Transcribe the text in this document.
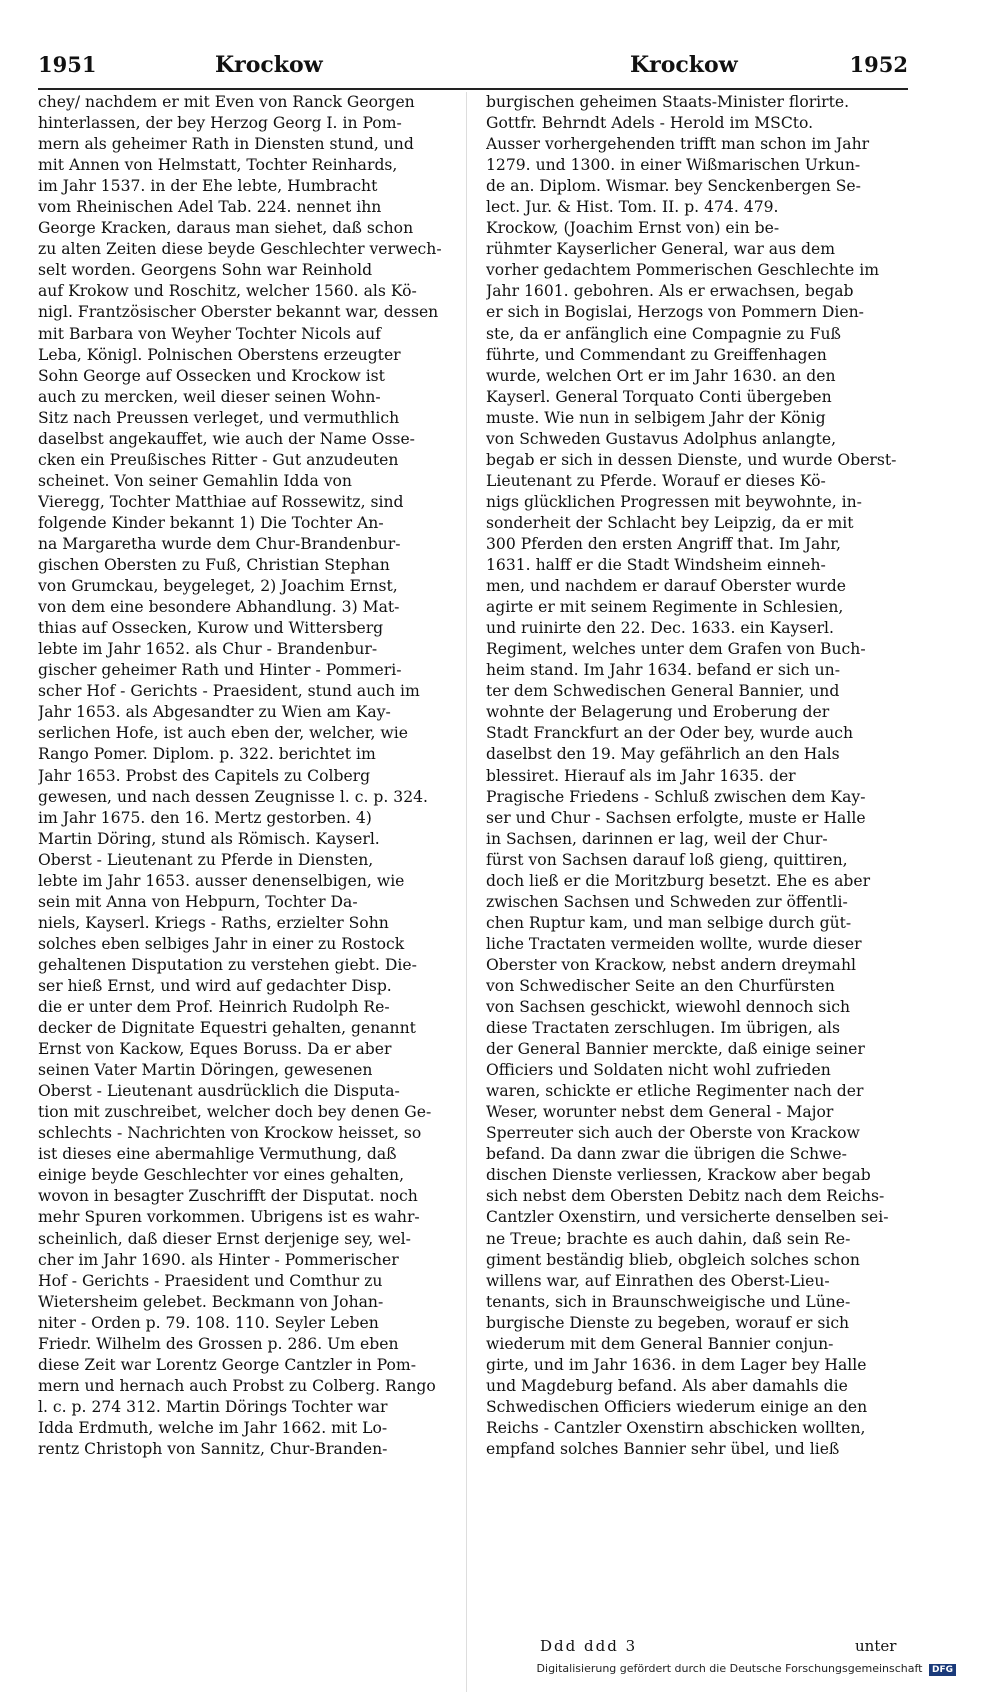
1951	Krockow	Krockow	1952
chey/ nachdem er mit Even von Ranck Georgen
hinterlassen, der bey Herzog Georg I. in Pom-
mern als geheimer Rath in Diensten stund, und
mit Annen von Helmstatt, Tochter Reinhards,
im Jahr 1537. in der Ehe lebte, Humbracht
vom Rheinischen Adel Tab. 224. nennet ihn
George Kracken, daraus man siehet, daß schon
zu alten Zeiten diese beyde Geschlechter verwech-
selt worden. Georgens Sohn war Reinhold
auf Krokow und Roschitz, welcher 1560. als Kö-
nigl. Frantzösischer Oberster bekannt war, dessen
mit Barbara von Weyher Tochter Nicols auf
Leba, Königl. Polnischen Oberstens erzeugter
Sohn George auf Ossecken und Krockow ist
auch zu mercken, weil dieser seinen Wohn-
Sitz nach Preussen verleget, und vermuthlich
daselbst angekauffet, wie auch der Name Osse-
cken ein Preußisches Ritter - Gut anzudeuten
scheinet. Von seiner Gemahlin Idda von
Vieregg, Tochter Matthiae auf Rossewitz, sind
folgende Kinder bekannt 1) Die Tochter An-
na Margaretha wurde dem Chur-Brandenbur-
gischen Obersten zu Fuß, Christian Stephan
von Grumckau, beygeleget, 2) Joachim Ernst,
von dem eine besondere Abhandlung. 3) Mat-
thias auf Ossecken, Kurow und Wittersberg
lebte im Jahr 1652. als Chur - Brandenbur-
gischer geheimer Rath und Hinter - Pommeri-
scher Hof - Gerichts - Praesident, stund auch im
Jahr 1653. als Abgesandter zu Wien am Kay-
serlichen Hofe, ist auch eben der, welcher, wie
Rango Pomer. Diplom. p. 322. berichtet im
Jahr 1653. Probst des Capitels zu Colberg
gewesen, und nach dessen Zeugnisse l. c. p. 324.
im Jahr 1675. den 16. Mertz gestorben. 4)
Martin Döring, stund als Römisch. Kayserl.
Oberst - Lieutenant zu Pferde in Diensten,
lebte im Jahr 1653. ausser denenselbigen, wie
sein mit Anna von Hebpurn, Tochter Da-
niels, Kayserl. Kriegs - Raths, erzielter Sohn
solches eben selbiges Jahr in einer zu Rostock
gehaltenen Disputation zu verstehen giebt. Die-
ser hieß Ernst, und wird auf gedachter Disp.
die er unter dem Prof. Heinrich Rudolph Re-
decker de Dignitate Equestri gehalten, genannt
Ernst von Kackow, Eques Boruss. Da er aber
seinen Vater Martin Döringen, gewesenen
Oberst - Lieutenant ausdrücklich die Disputa-
tion mit zuschreibet, welcher doch bey denen Ge-
schlechts - Nachrichten von Krockow heisset, so
ist dieses eine abermahlige Vermuthung, daß
einige beyde Geschlechter vor eines gehalten,
wovon in besagter Zuschrifft der Disputat. noch
mehr Spuren vorkommen. Ubrigens ist es wahr-
scheinlich, daß dieser Ernst derjenige sey, wel-
cher im Jahr 1690. als Hinter - Pommerischer
Hof - Gerichts - Praesident und Comthur zu
Wietersheim gelebet. Beckmann von Johan-
niter - Orden p. 79. 108. 110. Seyler Leben
Friedr. Wilhelm des Grossen p. 286. Um eben
diese Zeit war Lorentz George Cantzler in Pom-
mern und hernach auch Probst zu Colberg. Rango
l. c. p. 274 312. Martin Dörings Tochter war
Idda Erdmuth, welche im Jahr 1662. mit Lo-
rentz Christoph von Sannitz, Chur-Branden-
burgischen geheimen Staats-Minister florirte.
Gottfr. Behrndt Adels - Herold im MSCto.
Ausser vorhergehenden trifft man schon im Jahr
1279. und 1300. in einer Wißmarischen Urkun-
de an. Diplom. Wismar. bey Senckenbergen Se-
lect. Jur. & Hist. Tom. II. p. 474. 479.
Krockow, (Joachim Ernst von) ein be-
rühmter Kayserlicher General, war aus dem
vorher gedachtem Pommerischen Geschlechte im
Jahr 1601. gebohren. Als er erwachsen, begab
er sich in Bogislai, Herzogs von Pommern Dien-
ste, da er anfänglich eine Compagnie zu Fuß
führte, und Commendant zu Greiffenhagen
wurde, welchen Ort er im Jahr 1630. an den
Kayserl. General Torquato Conti übergeben
muste. Wie nun in selbigem Jahr der König
von Schweden Gustavus Adolphus anlangte,
begab er sich in dessen Dienste, und wurde Oberst-
Lieutenant zu Pferde. Worauf er dieses Kö-
nigs glücklichen Progressen mit beywohnte, in-
sonderheit der Schlacht bey Leipzig, da er mit
300 Pferden den ersten Angriff that. Im Jahr,
1631. halff er die Stadt Windsheim einneh-
men, und nachdem er darauf Oberster wurde
agirte er mit seinem Regimente in Schlesien,
und ruinirte den 22. Dec. 1633. ein Kayserl.
Regiment, welches unter dem Grafen von Buch-
heim stand. Im Jahr 1634. befand er sich un-
ter dem Schwedischen General Bannier, und
wohnte der Belagerung und Eroberung der
Stadt Franckfurt an der Oder bey, wurde auch
daselbst den 19. May gefährlich an den Hals
blessiret. Hierauf als im Jahr 1635. der
Pragische Friedens - Schluß zwischen dem Kay-
ser und Chur - Sachsen erfolgte, muste er Halle
in Sachsen, darinnen er lag, weil der Chur-
fürst von Sachsen darauf loß gieng, quittiren,
doch ließ er die Moritzburg besetzt. Ehe es aber
zwischen Sachsen und Schweden zur öffentli-
chen Ruptur kam, und man selbige durch güt-
liche Tractaten vermeiden wollte, wurde dieser
Oberster von Krackow, nebst andern dreymahl
von Schwedischer Seite an den Churfürsten
von Sachsen geschickt, wiewohl dennoch sich
diese Tractaten zerschlugen. Im übrigen, als
der General Bannier merckte, daß einige seiner
Officiers und Soldaten nicht wohl zufrieden
waren, schickte er etliche Regimenter nach der
Weser, worunter nebst dem General - Major
Sperreuter sich auch der Oberste von Krackow
befand. Da dann zwar die übrigen die Schwe-
dischen Dienste verliessen, Krackow aber begab
sich nebst dem Obersten Debitz nach dem Reichs-
Cantzler Oxenstirn, und versicherte denselben sei-
ne Treue; brachte es auch dahin, daß sein Re-
giment beständig blieb, obgleich solches schon
willens war, auf Einrathen des Oberst-Lieu-
tenants, sich in Braunschweigische und Lüne-
burgische Dienste zu begeben, worauf er sich
wiederum mit dem General Bannier conjun-
girte, und im Jahr 1636. in dem Lager bey Halle
und Magdeburg befand. Als aber damahls die
Schwedischen Officiers wiederum einige an den
Reichs - Cantzler Oxenstirn abschicken wollten,
empfand solches Bannier sehr übel, und ließ
Ddd ddd 3	unter
Digitalisierung gefördert durch die Deutsche Forschungsgemeinschaft DFG
